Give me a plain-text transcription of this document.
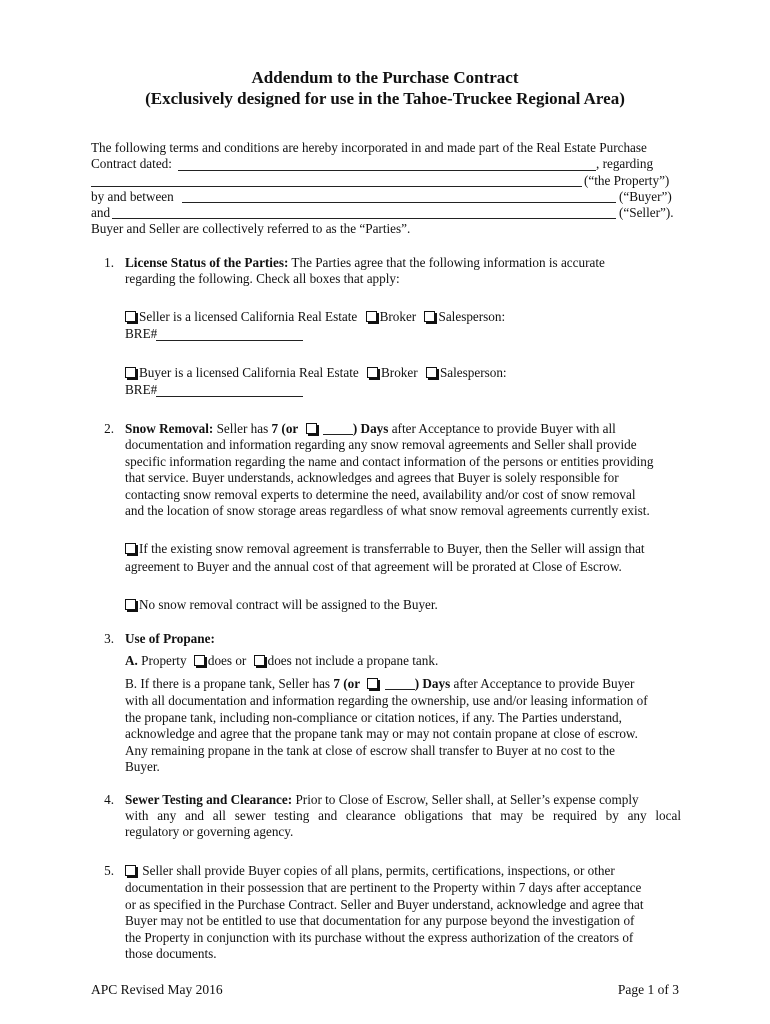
Addendum to the Purchase Contract
(Exclusively designed for use in the Tahoe-Truckee Regional Area)
The following terms and conditions are hereby incorporated in and made part of the Real Estate Purchase
Contract dated:	, regarding
(“the Property”)
by and between	(“Buyer”)
and	(“Seller”).
Buyer and Seller are collectively referred to as the “Parties”.
1. License Status of the Parties: The Parties agree that the following information is accurate
regarding the following. Check all boxes that apply:
Seller is a licensed California Real Estate Broker Salesperson:
BRE#
Buyer is a licensed California Real Estate Broker Salesperson:
BRE#
2. Snow Removal: Seller has 7 (or	) Days after Acceptance to provide Buyer with all
documentation and information regarding any snow removal agreements and Seller shall provide
specific information regarding the name and contact information of the persons or entities providing
that service. Buyer understands, acknowledges and agrees that Buyer is solely responsible for
contacting snow removal experts to determine the need, availability and/or cost of snow removal
and the location of snow storage areas regardless of what snow removal agreements currently exist.
If the existing snow removal agreement is transferrable to Buyer, then the Seller will assign that
agreement to Buyer and the annual cost of that agreement will be prorated at Close of Escrow.
No snow removal contract will be assigned to the Buyer.
3. Use of Propane:
A. Property does or does not include a propane tank.
B. If there is a propane tank, Seller has 7 (or	) Days after Acceptance to provide Buyer
with all documentation and information regarding the ownership, use and/or leasing information of
the propane tank, including non-compliance or citation notices, if any. The Parties understand,
acknowledge and agree that the propane tank may or may not contain propane at close of escrow.
Any remaining propane in the tank at close of escrow shall transfer to Buyer at no cost to the
Buyer.
4. Sewer Testing and Clearance: Prior to Close of Escrow, Seller shall, at Seller’s expense comply
with any and all sewer testing and clearance obligations that may be required by any local
regulatory or governing agency.
5.	Seller shall provide Buyer copies of all plans, permits, certifications, inspections, or other
documentation in their possession that are pertinent to the Property within 7 days after acceptance
or as specified in the Purchase Contract. Seller and Buyer understand, acknowledge and agree that
Buyer may not be entitled to use that documentation for any purpose beyond the investigation of
the Property in conjunction with its purchase without the express authorization of the creators of
those documents.
APC Revised May 2016	Page 1 of 3
